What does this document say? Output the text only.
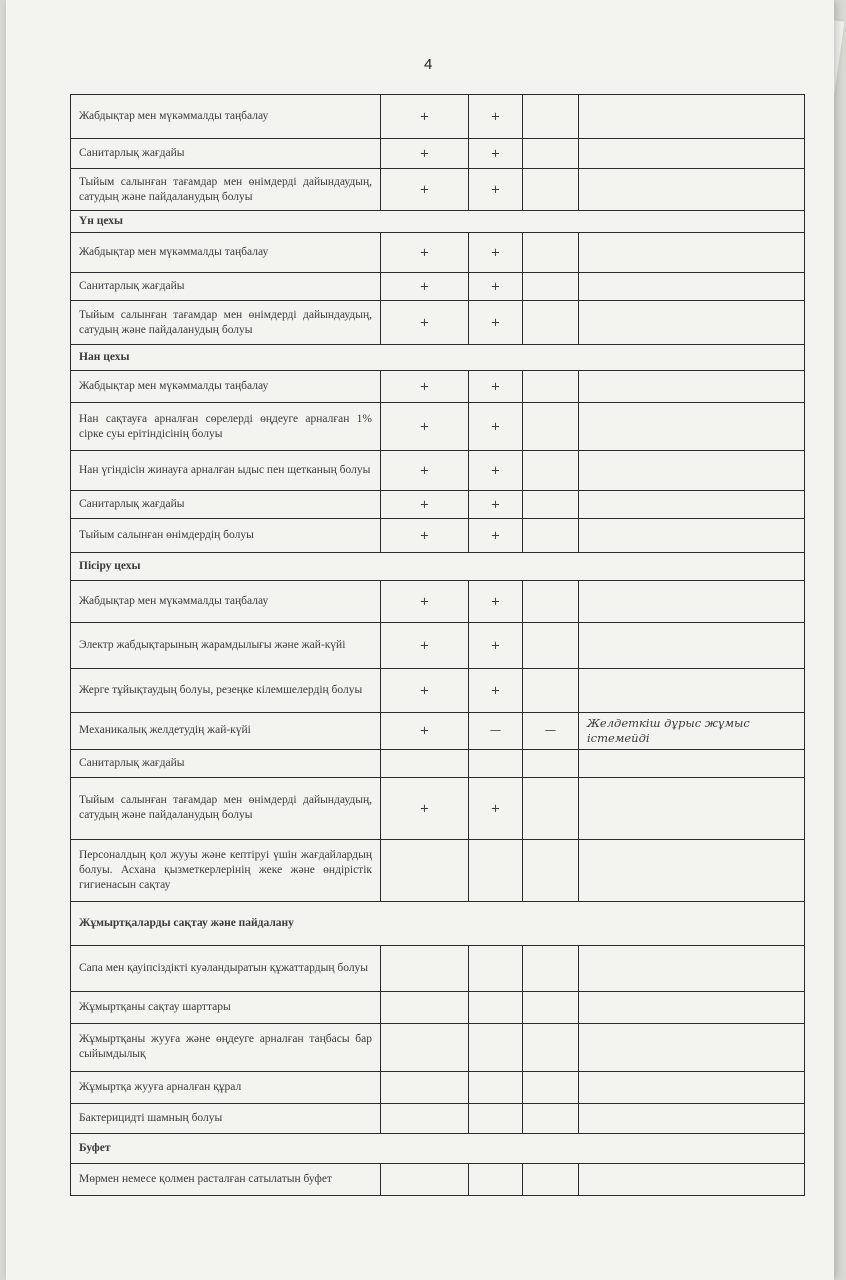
4
Жабдықтар мен мүкәммалды таңбалау	+	+		
Санитарлық жағдайы	+	+		
Тыйым салынған тағамдар мен өнімдерді дайындаудың, сатудың және пайдаланудың болуы	+	+		
Үн цехы				
Жабдықтар мен мүкәммалды таңбалау	+	+		
Санитарлық жағдайы	+	+		
Тыйым салынған тағамдар мен өнімдерді дайындаудың, сатудың және пайдаланудың болуы	+	+		
Нан цехы				
Жабдықтар мен мүкәммалды таңбалау	+	+		
Нан сақтауға арналған сөрелерді өңдеуге арналған 1% сірке суы ерітіндісінің болуы	+	+		
Нан үгіндісін жинауға арналған ыдыс пен щетканың болуы	+	+		
Санитарлық жағдайы	+	+		
Тыйым салынған өнімдердің болуы	+	+		
Пісіру цехы				
Жабдықтар мен мүкәммалды таңбалау	+	+		
Электр жабдықтарының жарамдылығы және жай-күйі	+	+		
Жерге тұйықтаудың болуы, резеңке кілемшелердің болуы	+	+		
Механикалық желдетудің жай-күйі	+	—	—	Желдеткіш дұрыс жұмыс істемейді
Санитарлық жағдайы				
Тыйым салынған тағамдар мен өнімдерді дайындаудың, сатудың және пайдаланудың болуы	+	+		
Персоналдың қол жууы және кептіруі үшін жағдайлардың болуы. Асхана қызметкерлерінің жеке және өндірістік гигиенасын сақтау				
Жұмыртқаларды сақтау және пайдалану				
Сапа мен қауіпсіздікті куәландыратын құжаттардың болуы				
Жұмыртқаны сақтау шарттары				
Жұмыртқаны жууға және өңдеуге арналған таңбасы бар сыйымдылық				
Жұмыртқа жууға арналған құрал				
Бактерицидті шамның болуы				
Буфет				
Мөрмен немесе қолмен расталған сатылатын буфет				
